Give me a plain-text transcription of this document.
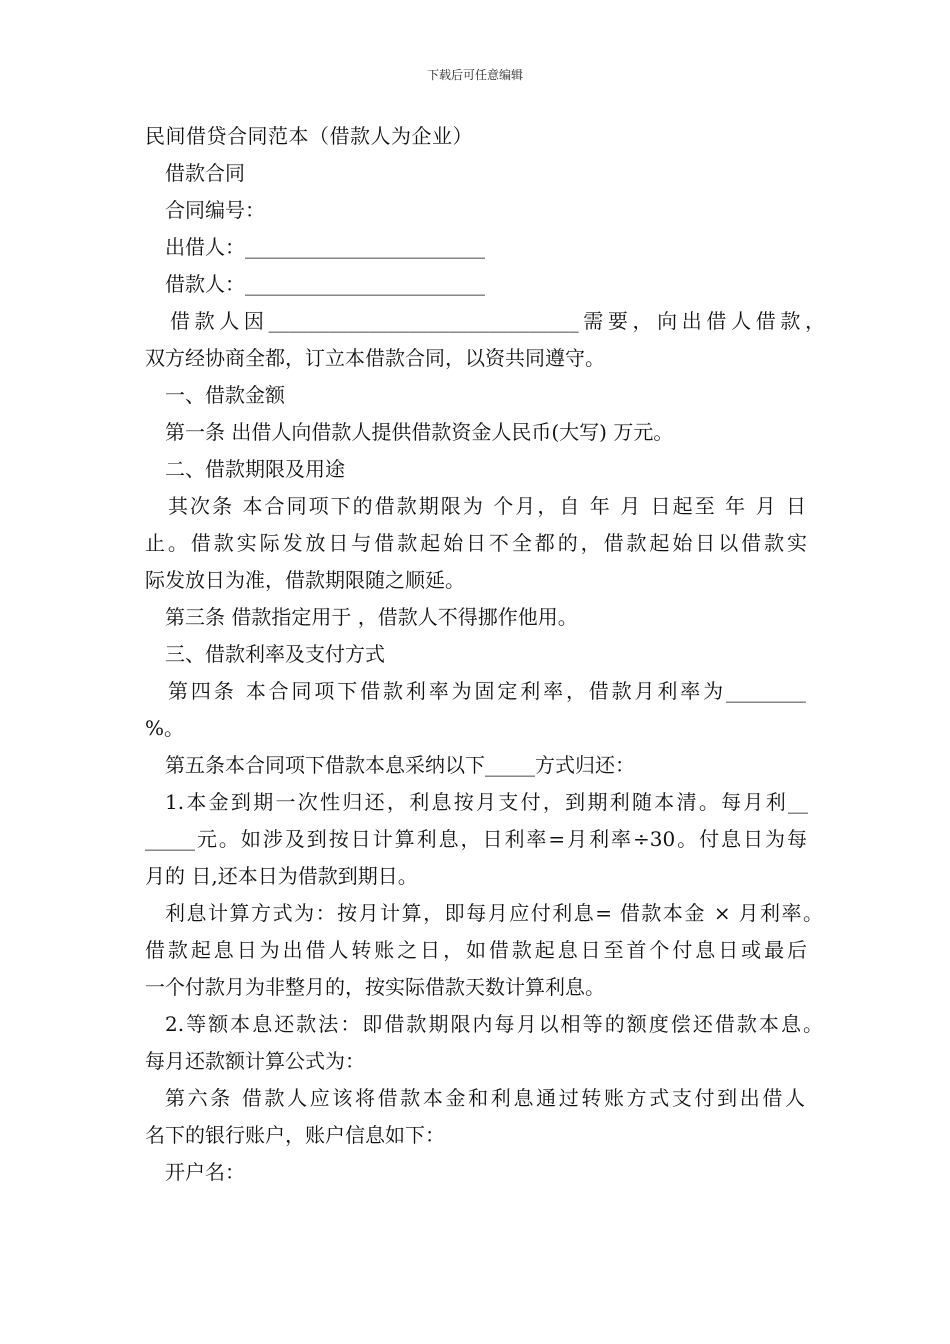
下载后可任意编辑
民间借贷合同范本（借款人为企业）
借款合同
合同编号：
出借人：________________________
借款人：________________________
借款人因_______________________________需要，向出借人借款，
双方经协商全都，订立本借款合同，以资共同遵守。
一、借款金额
第一条 出借人向借款人提供借款资金人民币(大写) 万元。
二、借款期限及用途
其次条 本合同项下的借款期限为 个月，自 年 月 日起至 年 月 日
止。借款实际发放日与借款起始日不全都的，借款起始日以借款实
际发放日为准，借款期限随之顺延。
第三条 借款指定用于 ，借款人不得挪作他用。
三、借款利率及支付方式
第四条 本合同项下借款利率为固定利率，借款月利率为________
%。
第五条本合同项下借款本息采纳以下_____方式归还：
1.本金到期一次性归还，利息按月支付，到期利随本清。每月利__
_____元。如涉及到按日计算利息，日利率=月利率÷30。付息日为每
月的 日,还本日为借款到期日。
利息计算方式为：按月计算，即每月应付利息= 借款本金 × 月利率。
借款起息日为出借人转账之日，如借款起息日至首个付息日或最后
一个付款月为非整月的，按实际借款天数计算利息。
2.等额本息还款法：即借款期限内每月以相等的额度偿还借款本息。
每月还款额计算公式为：
第六条 借款人应该将借款本金和利息通过转账方式支付到出借人
名下的银行账户，账户信息如下：
开户名：
